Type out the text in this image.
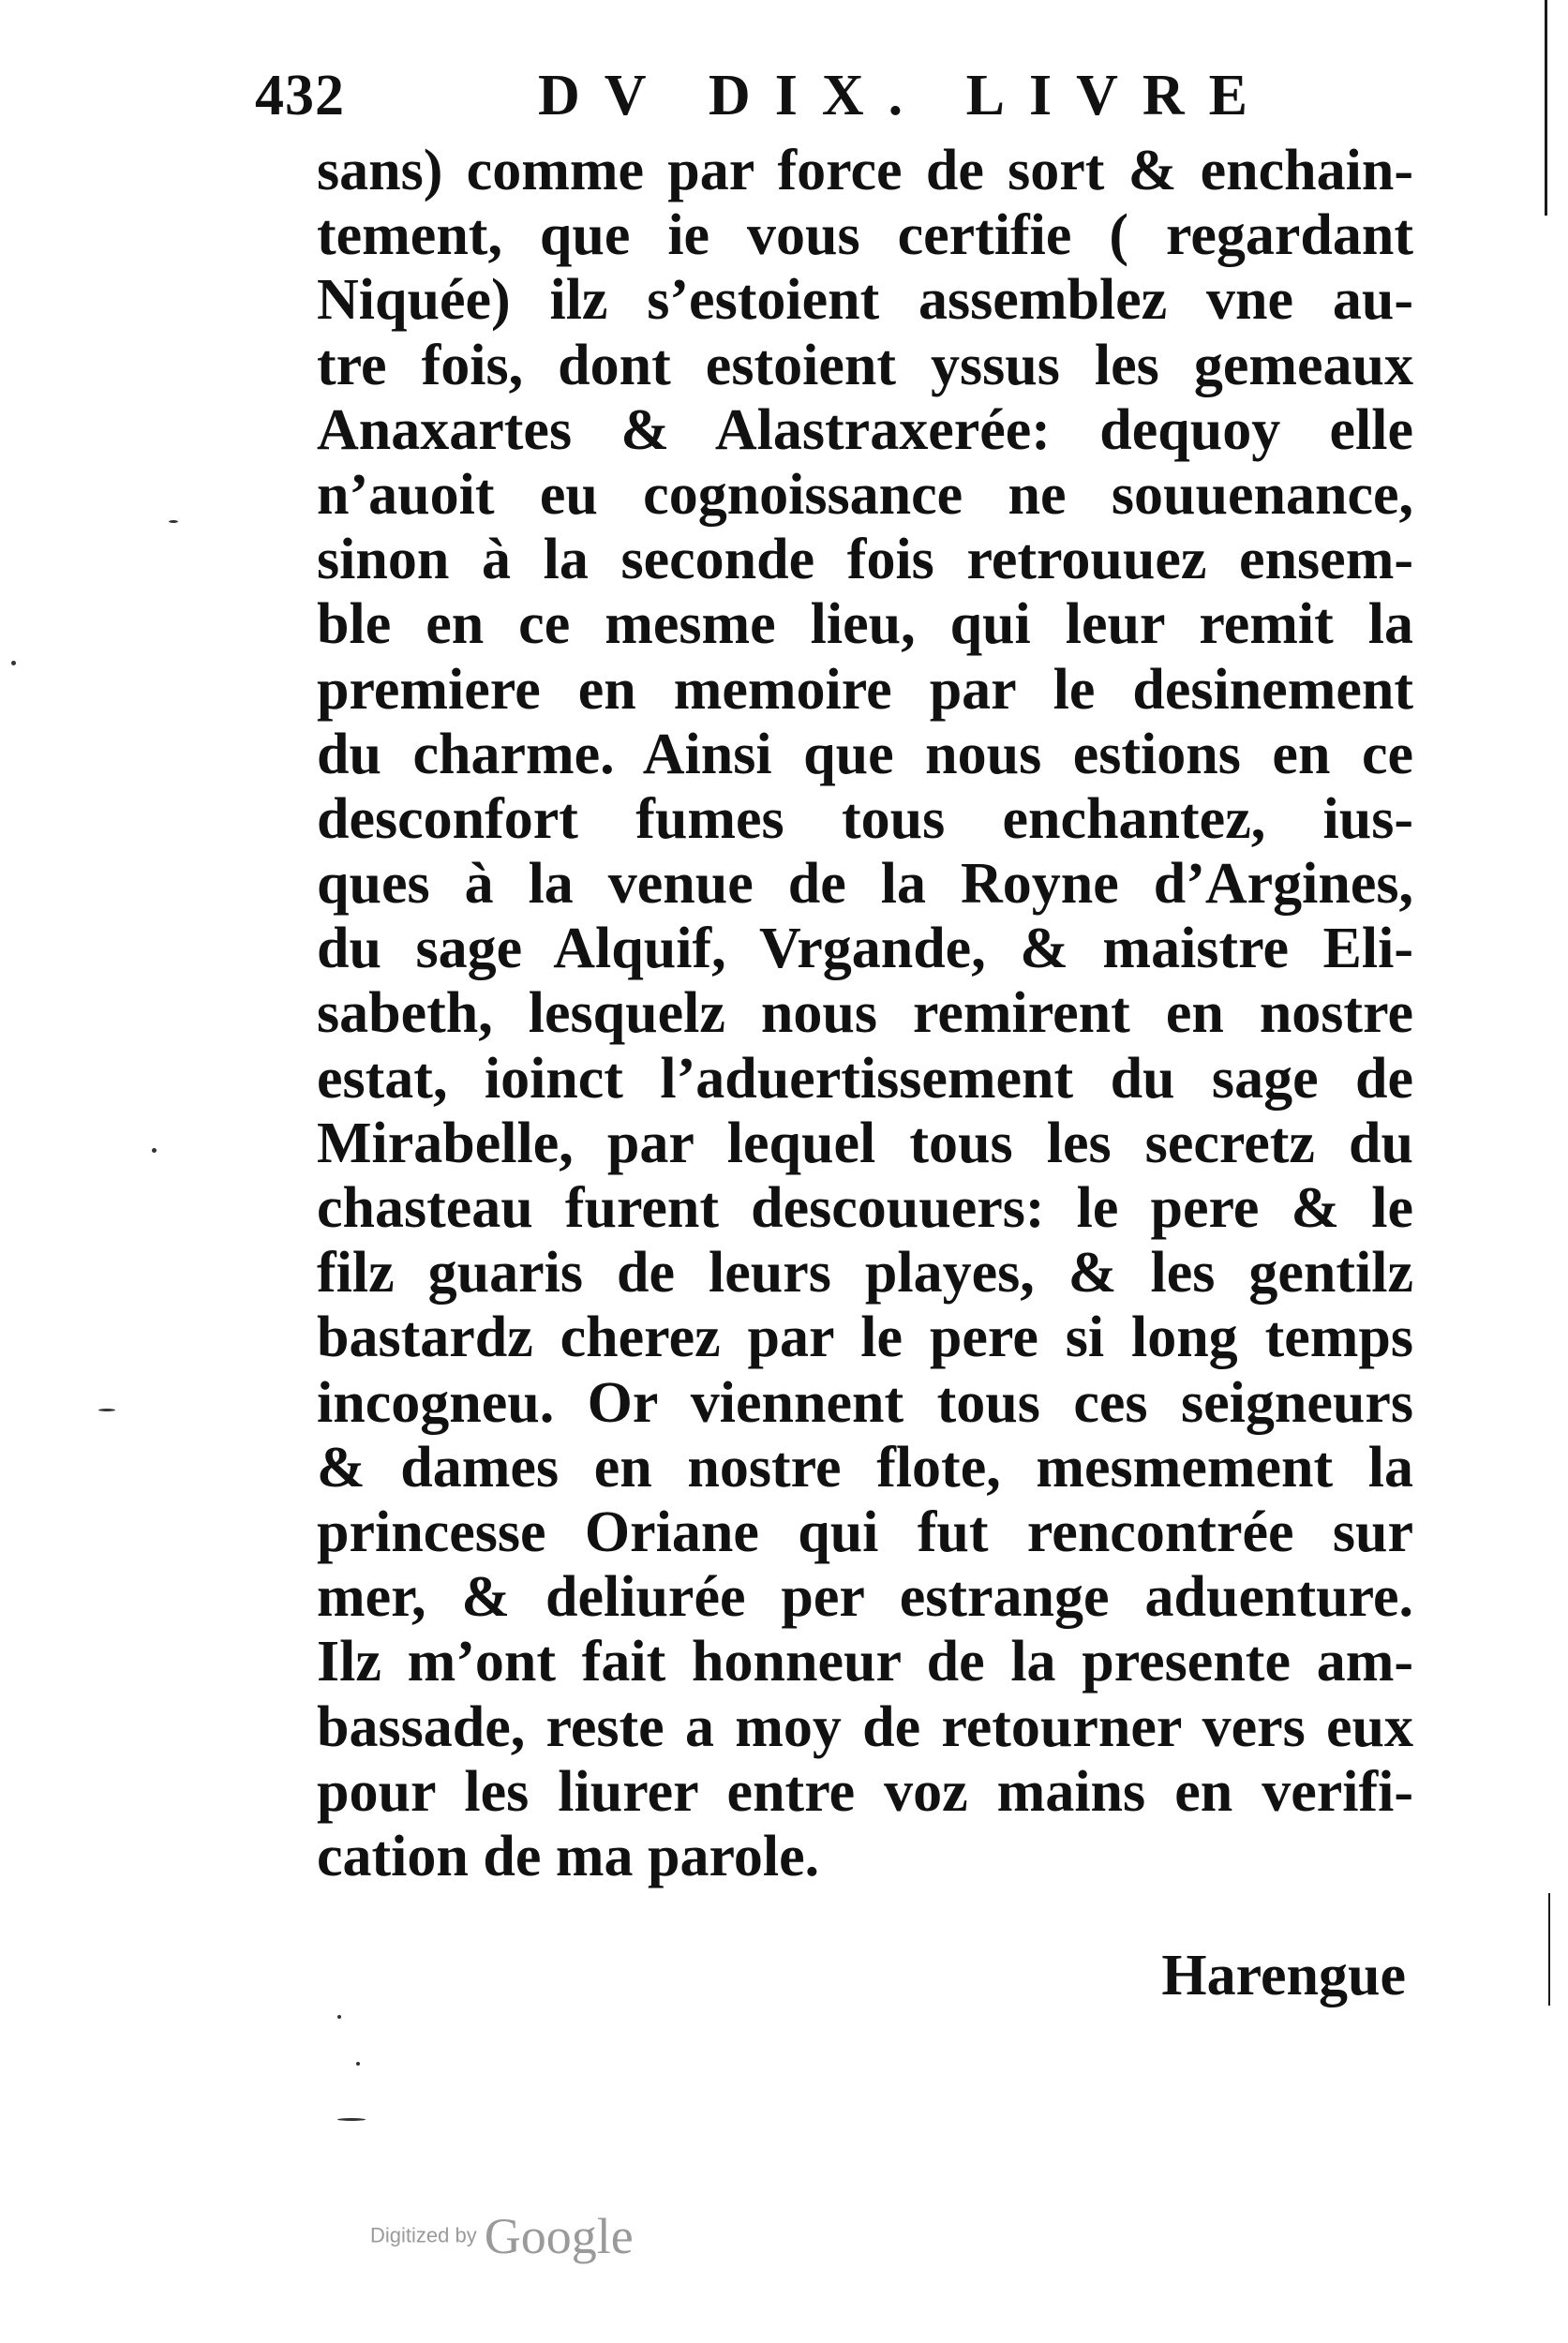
432	DV DIX. LIVRE
sans) comme par force de sort & enchain-
tement, que ie vous certifie ( regardant
Niquée) ilz s’estoient assemblez vne au-
tre fois, dont estoient yssus les gemeaux
Anaxartes & Alastraxerée: dequoy elle
n’auoit eu cognoissance ne souuenance,
sinon à la seconde fois retrouuez ensem-
ble en ce mesme lieu, qui leur remit la
premiere en memoire par le desinement
du charme. Ainsi que nous estions en ce
desconfort fumes tous enchantez, ius-
ques à la venue de la Royne d’Argines,
du sage Alquif, Vrgande, & maistre Eli-
sabeth, lesquelz nous remirent en nostre
estat, ioinct l’aduertissement du sage de
Mirabelle, par lequel tous les secretz du
chasteau furent descouuers: le pere & le
filz guaris de leurs playes, & les gentilz
bastardz cherez par le pere si long temps
incogneu. Or viennent tous ces seigneurs
& dames en nostre flote, mesmement la
princesse Oriane qui fut rencontrée sur
mer, & deliurée per estrange aduenture.
Ilz m’ont fait honneur de la presente am-
bassade, reste a moy de retourner vers eux
pour les liurer entre voz mains en verifi-
cation de ma parole.
Harengue
Digitized by Google
